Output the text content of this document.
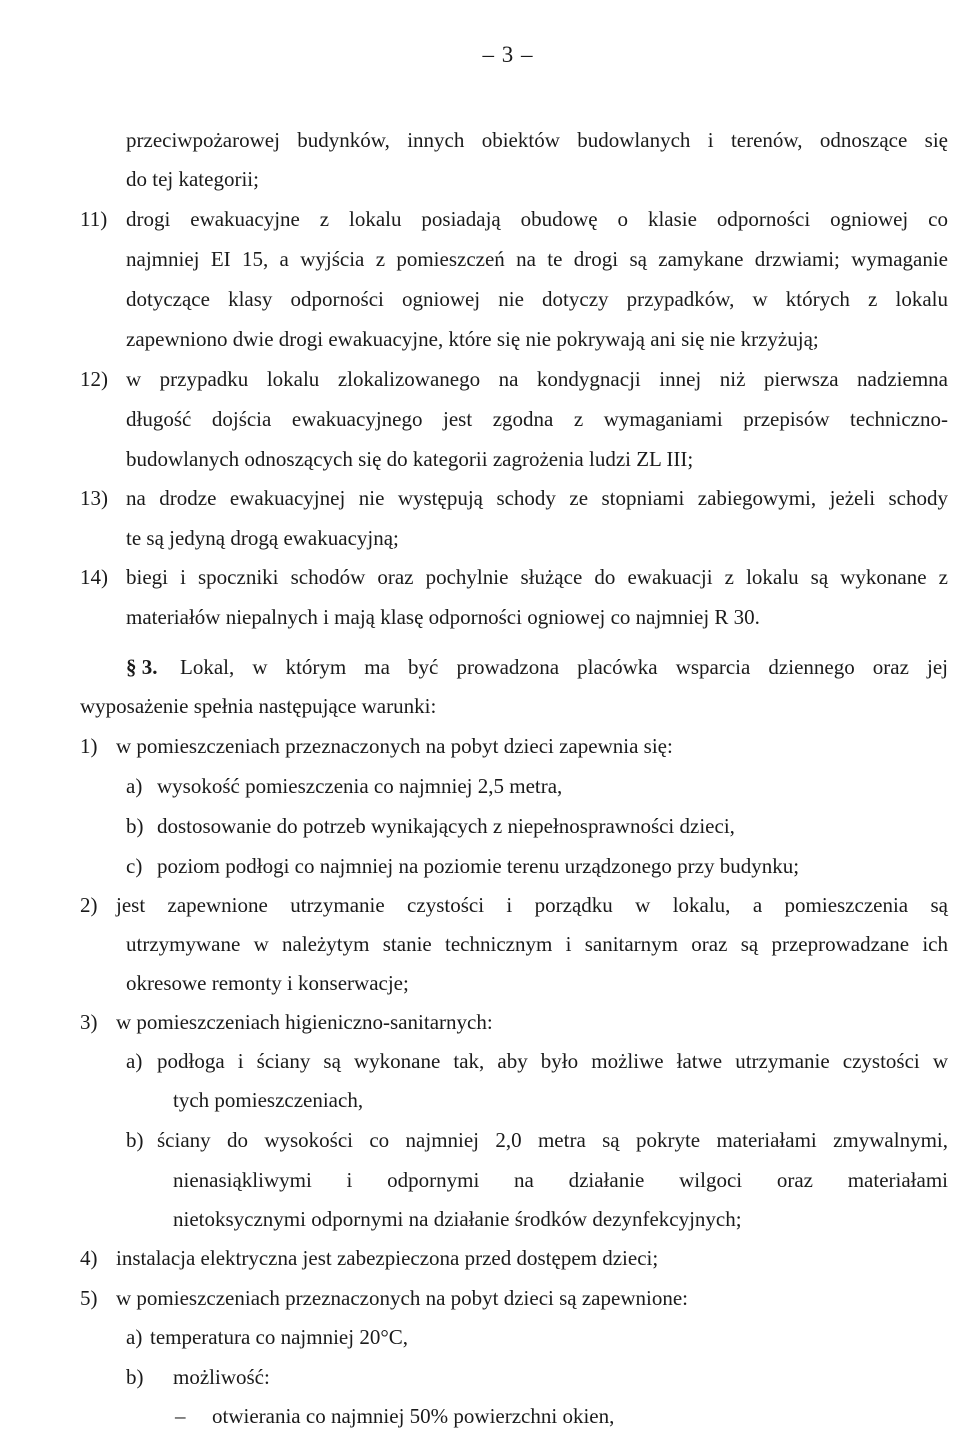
– 3 –
przeciwpożarowej budynków, innych obiektów budowlanych i terenów, odnoszące się
do tej kategorii;
11) drogi ewakuacyjne z lokalu posiadają obudowę o klasie odporności ogniowej co
najmniej EI 15, a wyjścia z pomieszczeń na te drogi są zamykane drzwiami; wymaganie
dotyczące klasy odporności ogniowej nie dotyczy przypadków, w których z lokalu
zapewniono dwie drogi ewakuacyjne, które się nie pokrywają ani się nie krzyżują;
12) w przypadku lokalu zlokalizowanego na kondygnacji innej niż pierwsza nadziemna
długość dojścia ewakuacyjnego jest zgodna z wymaganiami przepisów techniczno-
budowlanych odnoszących się do kategorii zagrożenia ludzi ZL III;
13) na drodze ewakuacyjnej nie występują schody ze stopniami zabiegowymi, jeżeli schody
te są jedyną drogą ewakuacyjną;
14) biegi i spoczniki schodów oraz pochylnie służące do ewakuacji z lokalu są wykonane z
materiałów niepalnych i mają klasę odporności ogniowej co najmniej R 30.
§ 3. Lokal, w którym ma być prowadzona placówka wsparcia dziennego oraz jej
wyposażenie spełnia następujące warunki:
1) w pomieszczeniach przeznaczonych na pobyt dzieci zapewnia się:
a) wysokość pomieszczenia co najmniej 2,5 metra,
b) dostosowanie do potrzeb wynikających z niepełnosprawności dzieci,
c) poziom podłogi co najmniej na poziomie terenu urządzonego przy budynku;
2) jest zapewnione utrzymanie czystości i porządku w lokalu, a pomieszczenia są
utrzymywane w należytym stanie technicznym i sanitarnym oraz są przeprowadzane ich
okresowe remonty i konserwacje;
3) w pomieszczeniach higieniczno-sanitarnych:
a) podłoga i ściany są wykonane tak, aby było możliwe łatwe utrzymanie czystości w
tych pomieszczeniach,
b) ściany do wysokości co najmniej 2,0 metra są pokryte materiałami zmywalnymi,
nienasiąkliwymi i odpornymi na działanie wilgoci oraz materiałami
nietoksycznymi odpornymi na działanie środków dezynfekcyjnych;
4) instalacja elektryczna jest zabezpieczona przed dostępem dzieci;
5) w pomieszczeniach przeznaczonych na pobyt dzieci są zapewnione:
a) temperatura co najmniej 20°C,
b) możliwość:
– otwierania co najmniej 50% powierzchni okien,
